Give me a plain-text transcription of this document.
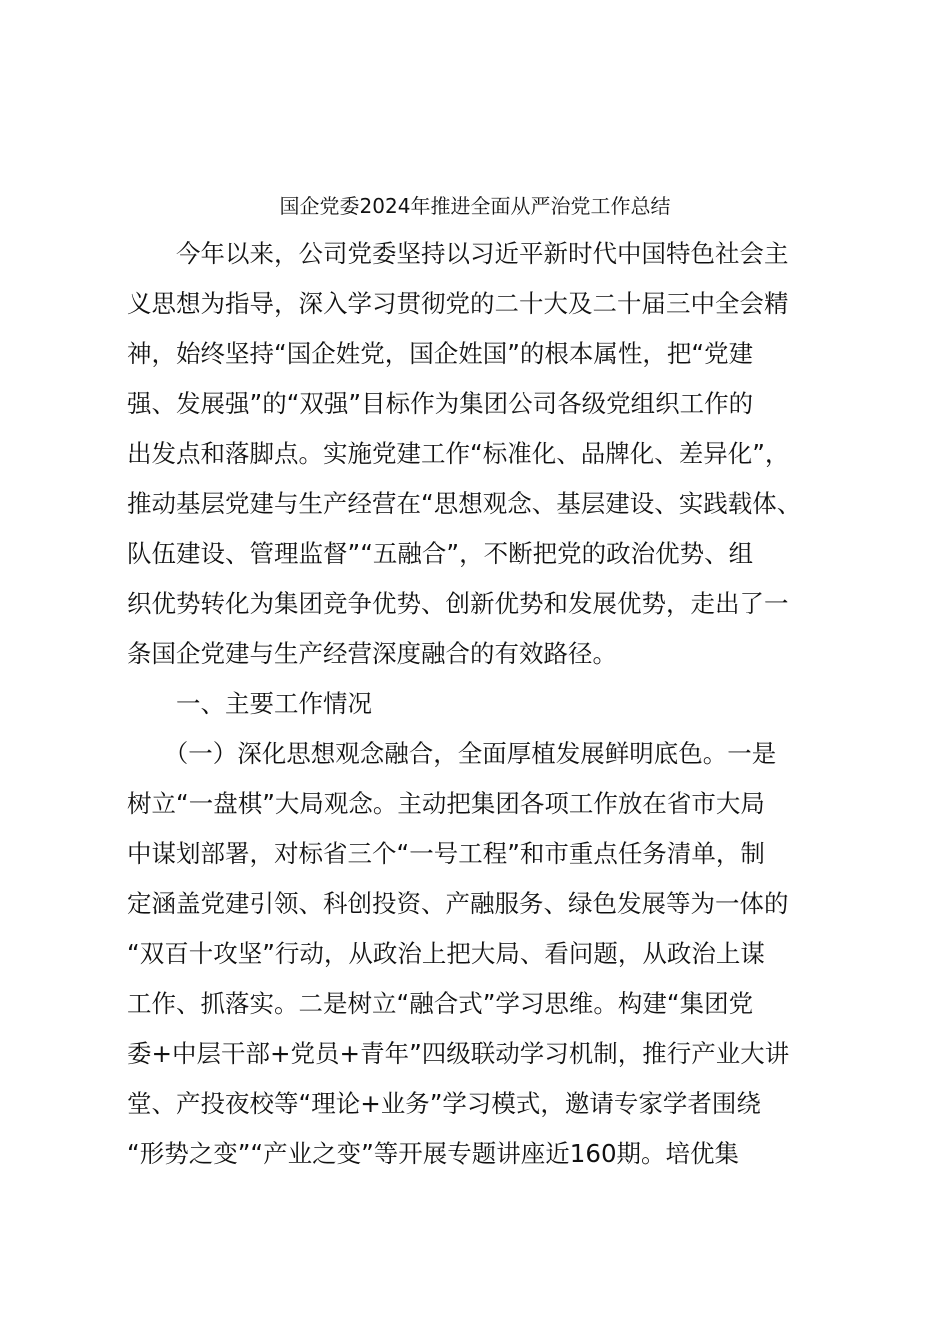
国企党委2024年推进全面从严治党工作总结
　　今年以来，公司党委坚持以习近平新时代中国特色社会主
义思想为指导，深入学习贯彻党的二十大及二十届三中全会精
神，始终坚持“国企姓党，国企姓国”的根本属性，把“党建
强、发展强”的“双强”目标作为集团公司各级党组织工作的
出发点和落脚点。实施党建工作“标准化、品牌化、差异化”，
推动基层党建与生产经营在“思想观念、基层建设、实践载体、
队伍建设、管理监督”“五融合”，不断把党的政治优势、组
织优势转化为集团竞争优势、创新优势和发展优势，走出了一
条国企党建与生产经营深度融合的有效路径。
　　一、主要工作情况
　　（一）深化思想观念融合，全面厚植发展鲜明底色。一是
树立“一盘棋”大局观念。主动把集团各项工作放在省市大局
中谋划部署，对标省三个“一号工程”和市重点任务清单，制
定涵盖党建引领、科创投资、产融服务、绿色发展等为一体的
“双百十攻坚”行动，从政治上把大局、看问题，从政治上谋
工作、抓落实。二是树立“融合式”学习思维。构建“集团党
委+中层干部+党员+青年”四级联动学习机制，推行产业大讲
堂、产投夜校等“理论+业务”学习模式，邀请专家学者围绕
“形势之变”“产业之变”等开展专题讲座近160期。培优集
